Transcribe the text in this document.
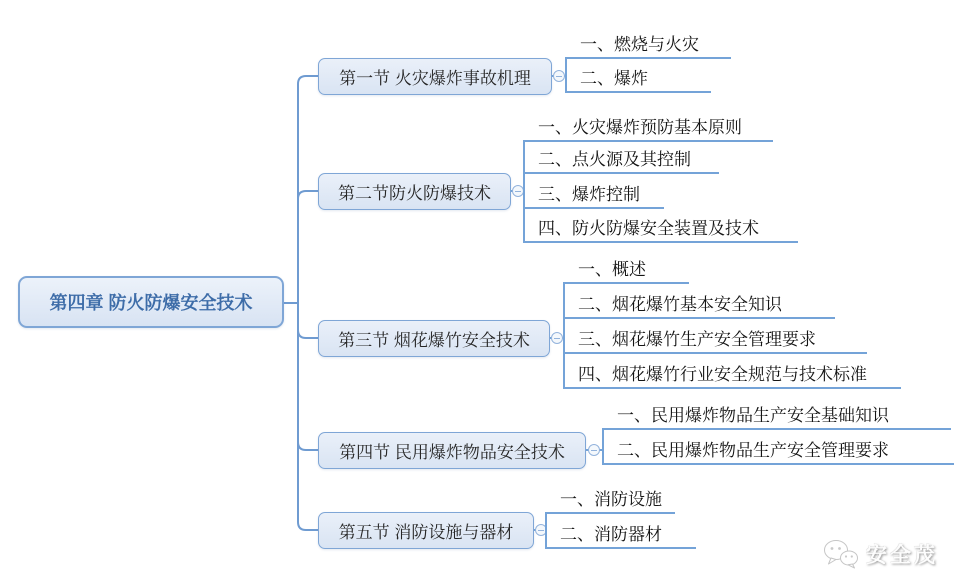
第四章 防火防爆安全技术
第一节 火灾爆炸事故机理
一、燃烧与火灾
二、爆炸
第二节防火防爆技术
一、火灾爆炸预防基本原则
二、点火源及其控制
三、爆炸控制
四、防火防爆安全装置及技术
第三节 烟花爆竹安全技术
一、概述
二、烟花爆竹基本安全知识
三、烟花爆竹生产安全管理要求
四、烟花爆竹行业安全规范与技术标准
第四节 民用爆炸物品安全技术
一、民用爆炸物品生产安全基础知识
二、民用爆炸物品生产安全管理要求
第五节 消防设施与器材
一、消防设施
二、消防器材
安全茂
